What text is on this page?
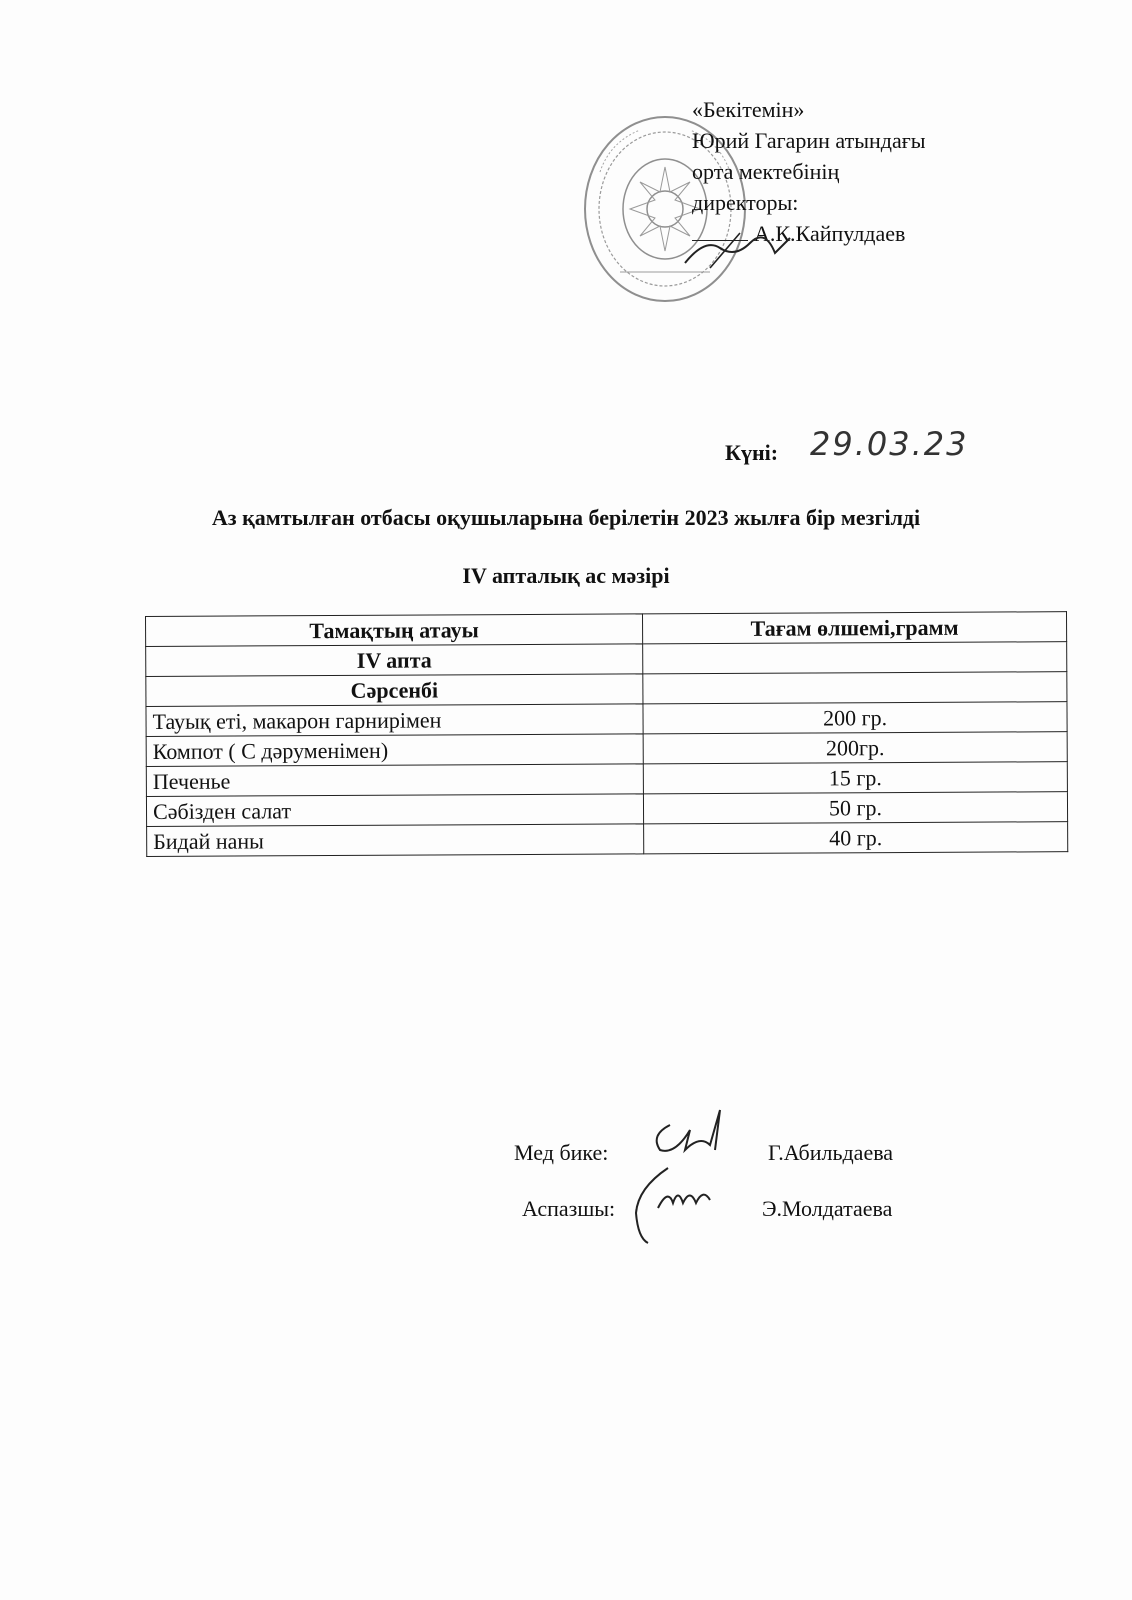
«Бекітемін»
Юрий Гагарин атындағы
орта мектебінің
директоры:
А.К.Кайпулдаев
Күні: 29.03.23
Аз қамтылған отбасы оқушыларына берілетін 2023 жылға бір мезгілді
IV апталық ас мәзірі
Тамақтың атауы	Тағам өлшемі,грамм
IV апта	
Сәрсенбі	
Тауық еті, макарон гарнирімен	200 гр.
Компот ( С дәруменімен)	200гр.
Печенье	15 гр.
Сәбізден салат	50 гр.
Бидай наны	40 гр.
Мед бике:	Г.Абильдаева
Аспазшы:	Э.Молдатаева
